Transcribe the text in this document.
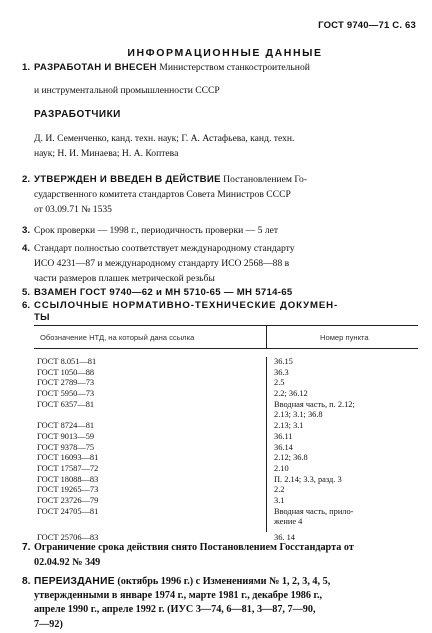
ГОСТ 9740—71 С. 63
ИНФОРМАЦИОННЫЕ ДАННЫЕ
1. РАЗРАБОТАН И ВНЕСЕН Министерством станкостроительной
и инструментальной промышленности СССР
РАЗРАБОТЧИКИ
Д. И. Семенченко, канд. техн. наук; Г. А. Астафьева, канд. техн.
наук; Н. И. Минаева; Н. А. Коптева
2. УТВЕРЖДЕН И ВВЕДЕН В ДЕЙСТВИЕ Постановлением Го-
сударственного комитета стандартов Совета Министров СССР
от 03.09.71 № 1535
3. Срок проверки — 1998 г., периодичность проверки — 5 лет
4. Стандарт полностью соответствует международному стандарту
ИСО 4231—87 и международному стандарту ИСО 2568—88 в
части размеров плашек метрической резьбы
5. ВЗАМЕН ГОСТ 9740—62 и МН 5710-65 — МН 5714-65
6. ССЫЛОЧНЫЕ НОРМАТИВНО-ТЕХНИЧЕСКИЕ ДОКУМЕН-
ТЫ
Обозначение НТД, на который дана ссылка	Номер пункта
ГОСТ 8.051—81
ГОСТ 1050—88
ГОСТ 2789—73
ГОСТ 5950—73
ГОСТ 6357—81
ГОСТ 8724—81
ГОСТ 9013—59
ГОСТ 9378—75
ГОСТ 16093—81
ГОСТ 17587—72
ГОСТ 18088—83
ГОСТ 19265—73
ГОСТ 23726—79
ГОСТ 24705—81
36.15
36.3
2.5
2.2; 36.12
Вводная часть, п. 2.12;
2.13; 3.1; 36.8
2.13; 3.1
36.11
36.14
2.12; 36.8
2.10
П. 2.14; 3.3, разд. 3
2.2
3.1
Вводная часть, прило-
жение 4
ГОСТ 25706—83	36. 14
7. Ограничение срока действия снято Постановлением Госстандарта от
02.04.92 № 349
8. ПЕРЕИЗДАНИЕ (октябрь 1996 г.) с Изменениями № 1, 2, 3, 4, 5,
утвержденными в январе 1974 г., марте 1981 г., декабре 1986 г.,
апреле 1990 г., апреле 1992 г. (ИУС 3—74, 6—81, 3—87, 7—90,
7—92)
